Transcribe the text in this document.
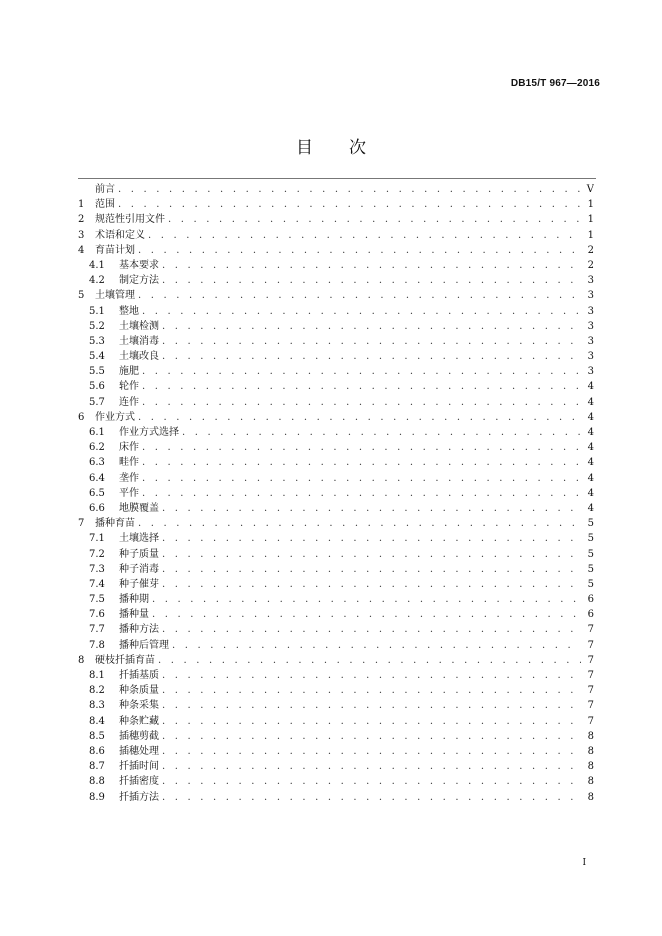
DB15/T 967—2016
目次
前言 . . .	V
1	范围 . . .	1
2	规范性引用文件 . . .	1
3	术语和定义 . . .	1
4	育苗计划 . . .	2
4.1	基本要求 . . .	2
4.2	制定方法 . . .	3
5	土壤管理 . . .	3
5.1	整地 . . .	3
5.2	土壤检测 . . .	3
5.3	土壤消毒 . . .	3
5.4	土壤改良 . . .	3
5.5	施肥 . . .	3
5.6	轮作 . . .	4
5.7	连作 . . .	4
6	作业方式 . . .	4
6.1	作业方式选择 . . .	4
6.2	床作 . . .	4
6.3	畦作 . . .	4
6.4	垄作 . . .	4
6.5	平作 . . .	4
6.6	地膜覆盖 . . .	4
7	播种育苗 . . .	5
7.1	土壤选择 . . .	5
7.2	种子质量 . . .	5
7.3	种子消毒 . . .	5
7.4	种子催芽 . . .	5
7.5	播种期 . . .	6
7.6	播种量 . . .	6
7.7	播种方法 . . .	7
7.8	播种后管理 . . .	7
8	硬枝扦插育苗 . . .	7
8.1	扦插基质 . . .	7
8.2	种条质量 . . .	7
8.3	种条采集 . . .	7
8.4	种条贮藏 . . .	7
8.5	插穗剪截 . . .	8
8.6	插穗处理 . . .	8
8.7	扦插时间 . . .	8
8.8	扦插密度 . . .	8
8.9	扦插方法 . . .	8
I
